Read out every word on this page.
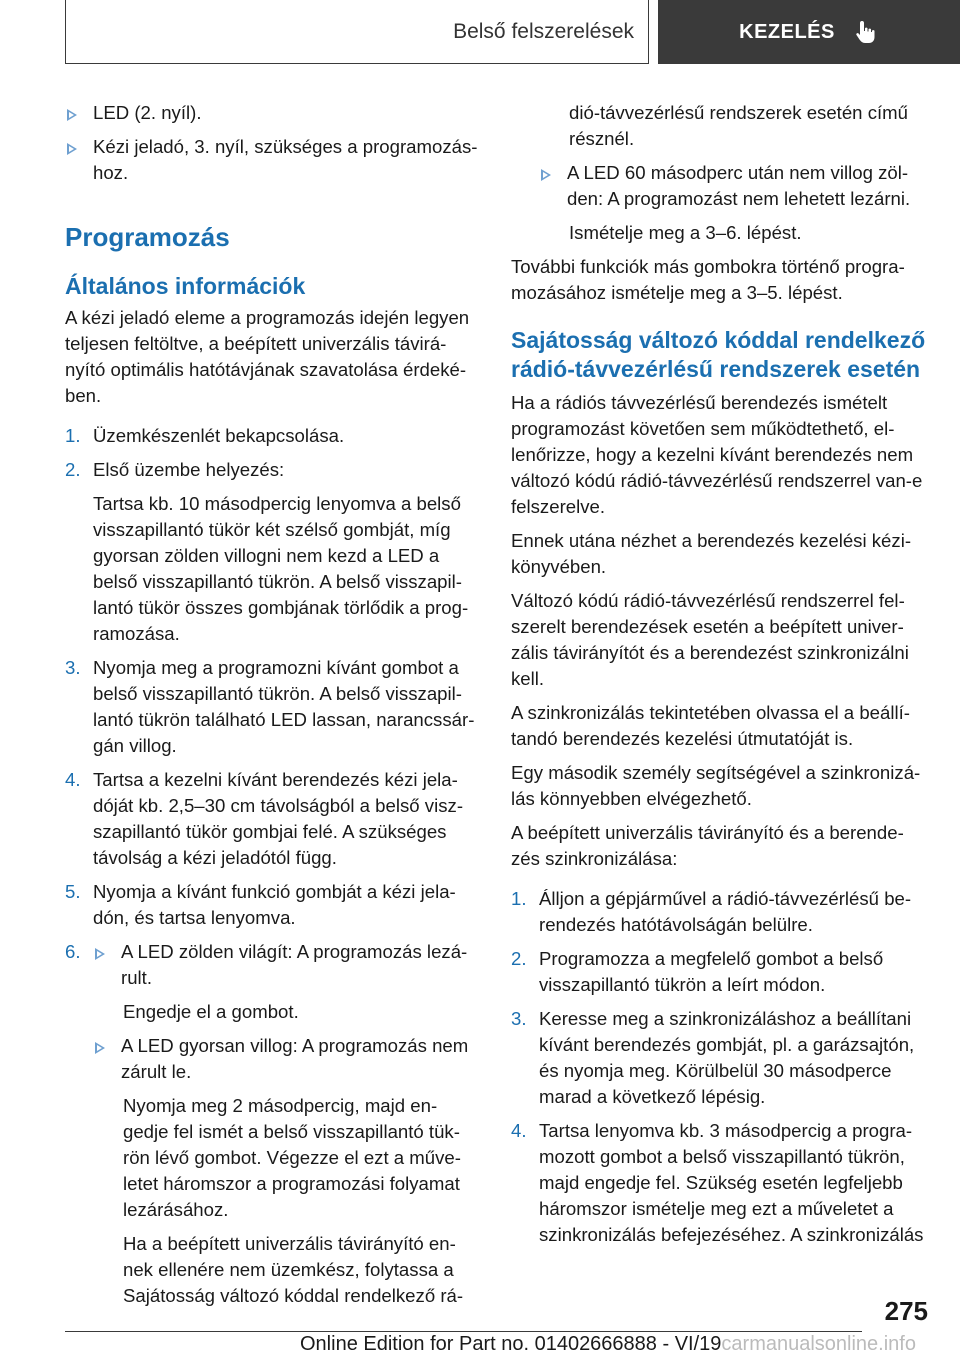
Belső felszerelések	KEZELÉS
LED (2. nyíl).
Kézi jeladó, 3. nyíl, szükséges a programozás-hoz.
Programozás
Általános információk

A kézi jeladó eleme a programozás idején legyen teljesen feltöltve, a beépített univerzális távirá-nyító optimális hatótávjának szavatolása érdeké-ben.

1. Üzemkészenlét bekapcsolása.
2. Első üzembe helyezés:

Tartsa kb. 10 másodpercig lenyomva a belső visszapillantó tükör két szélső gombját, míg gyorsan zölden villogni nem kezd a LED a belső visszapillantó tükrön. A belső visszapil-lantó tükör összes gombjának törlődik a prog-ramozása.

3. Nyomja meg a programozni kívánt gombot a belső visszapillantó tükrön. A belső visszapil-lantó tükrön található LED lassan, narancssár-gán villog.
4. Tartsa a kezelni kívánt berendezés kézi jela-dóját kb. 2,5–30 cm távolságból a belső visz-szapillantó tükör gombjai felé. A szükséges távolság a kézi jeladótól függ.
5. Nyomja a kívánt funkció gombját a kézi jela-dón, és tartsa lenyomva.
6.	A LED zölden világít: A programozás lezá-rult.

Engedje el a gombot.

A LED gyorsan villog: A programozás nem zárult le.

Nyomja meg 2 másodpercig, majd en-gedje fel ismét a belső visszapillantó tük-rön lévő gombot. Végezze el ezt a műve-letet háromszor a programozási folyamat lezárásához.

Ha a beépített univerzális távirányító en-nek ellenére nem üzemkész, folytassa a Sajátosság változó kóddal rendelkező rá-

dió-távvezérlésű rendszerek esetén című résznél.

A LED 60 másodperc után nem villog zöl-den: A programozást nem lehetett lezárni.

Ismételje meg a 3–6. lépést.

További funkciók más gombokra történő progra-mozásához ismételje meg a 3–5. lépést.

Sajátosság változó kóddal rendelkező rádió-távvezérlésű rendszerek esetén

Ha a rádiós távvezérlésű berendezés ismételt programozást követően sem működtethető, el-lenőrizze, hogy a kezelni kívánt berendezés nem változó kódú rádió-távvezérlésű rendszerrel van-e felszerelve.

Ennek utána nézhet a berendezés kezelési kézi-könyvében.

Változó kódú rádió-távvezérlésű rendszerrel fel-szerelt berendezések esetén a beépített univer-zális távirányítót és a berendezést szinkronizálni kell.

A szinkronizálás tekintetében olvassa el a beállí-tandó berendezés kezelési útmutatóját is.

Egy második személy segítségével a szinkronizá-lás könnyebben elvégezhető.

A beépített univerzális távirányító és a berende-zés szinkronizálása:

1. Álljon a gépjárművel a rádió-távvezérlésű be-rendezés hatótávolságán belülre.
2. Programozza a megfelelő gombot a belső visszapillantó tükrön a leírt módon.
3. Keresse meg a szinkronizáláshoz a beállítani kívánt berendezés gombját, pl. a garázsajtón, és nyomja meg. Körülbelül 30 másodperce marad a következő lépésig.
4. Tartsa lenyomva kb. 3 másodpercig a progra-mozott gombot a belső visszapillantó tükrön, majd engedje fel. Szükség esetén legfeljebb háromszor ismételje meg ezt a műveletet a szinkronizálás befejezéséhez. A szinkronizálás
275
Online Edition for Part no. 01402666888 - VI/19carmanualsonline.info
